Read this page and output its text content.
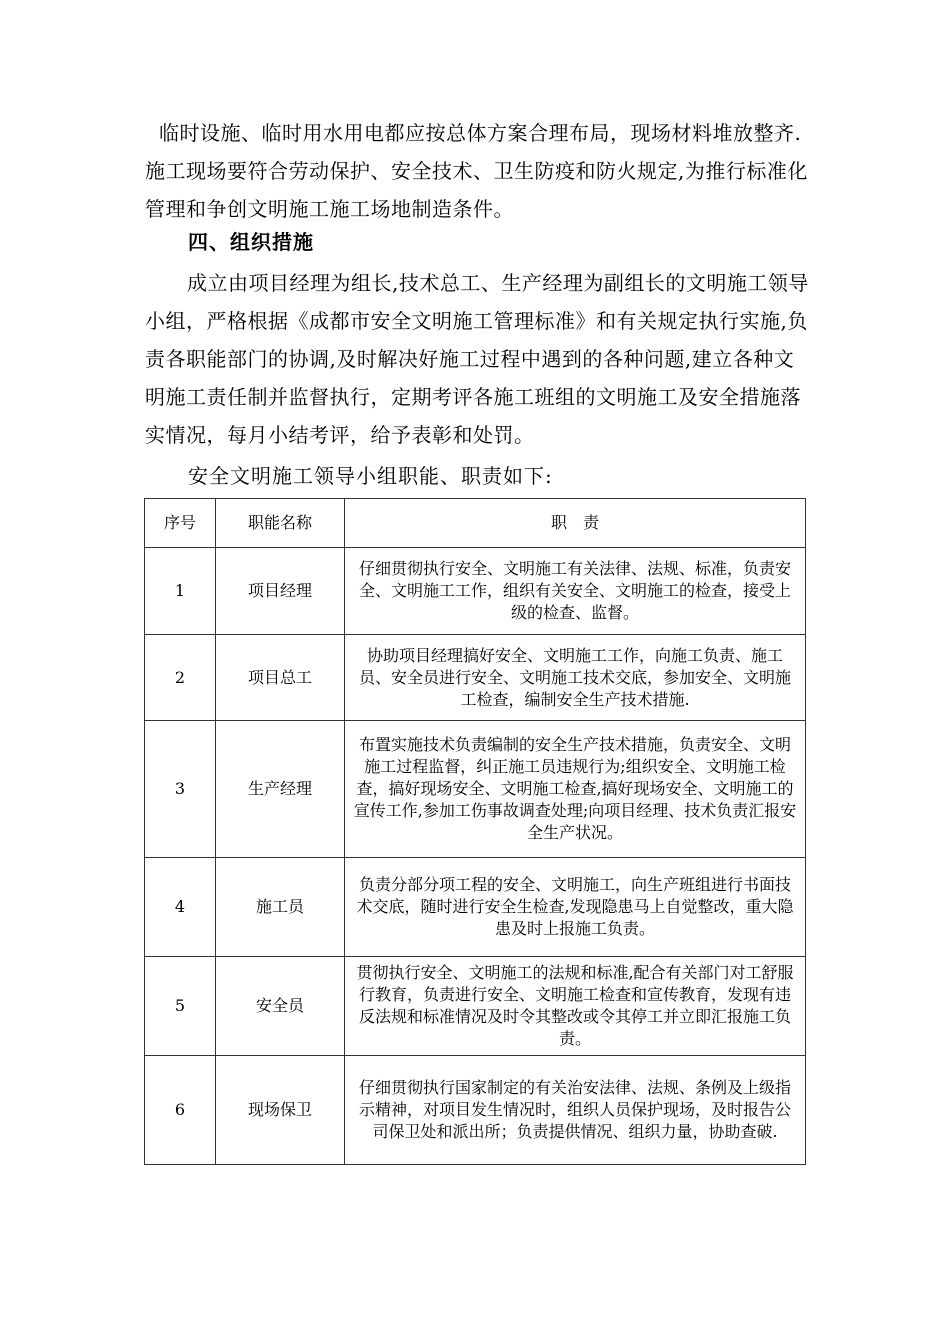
临时设施、临时用水用电都应按总体方案合理布局，现场材料堆放整齐.施工现场要符合劳动保护、安全技术、卫生防疫和防火规定,为推行标准化管理和争创文明施工施工场地制造条件。
四、组织措施
成立由项目经理为组长,技术总工、生产经理为副组长的文明施工领导小组，严格根据《成都市安全文明施工管理标准》和有关规定执行实施,负责各职能部门的协调,及时解决好施工过程中遇到的各种问题,建立各种文明施工责任制并监督执行，定期考评各施工班组的文明施工及安全措施落实情况，每月小结考评，给予表彰和处罚。
安全文明施工领导小组职能、职责如下:
序号	职能名称	职　责
1	项目经理	仔细贯彻执行安全、文明施工有关法律、法规、标准，负责安全、文明施工工作，组织有关安全、文明施工的检查，接受上级的检查、监督。
2	项目总工	协助项目经理搞好安全、文明施工工作，向施工负责、施工员、安全员进行安全、文明施工技术交底，参加安全、文明施工检查，编制安全生产技术措施.
3	生产经理	布置实施技术负责编制的安全生产技术措施，负责安全、文明施工过程监督，纠正施工员违规行为;组织安全、文明施工检查，搞好现场安全、文明施工检查,搞好现场安全、文明施工的宣传工作,参加工伤事故调查处理;向项目经理、技术负责汇报安全生产状况。
4	施工员	负责分部分项工程的安全、文明施工，向生产班组进行书面技术交底，随时进行安全生检查,发现隐患马上自觉整改，重大隐患及时上报施工负责。
5	安全员	贯彻执行安全、文明施工的法规和标准,配合有关部门对工舒服行教育，负责进行安全、文明施工检查和宣传教育，发现有违反法规和标准情况及时令其整改或令其停工并立即汇报施工负责。
6	现场保卫	仔细贯彻执行国家制定的有关治安法律、法规、条例及上级指示精神，对项目发生情况时，组织人员保护现场，及时报告公司保卫处和派出所；负责提供情况、组织力量，协助查破.
